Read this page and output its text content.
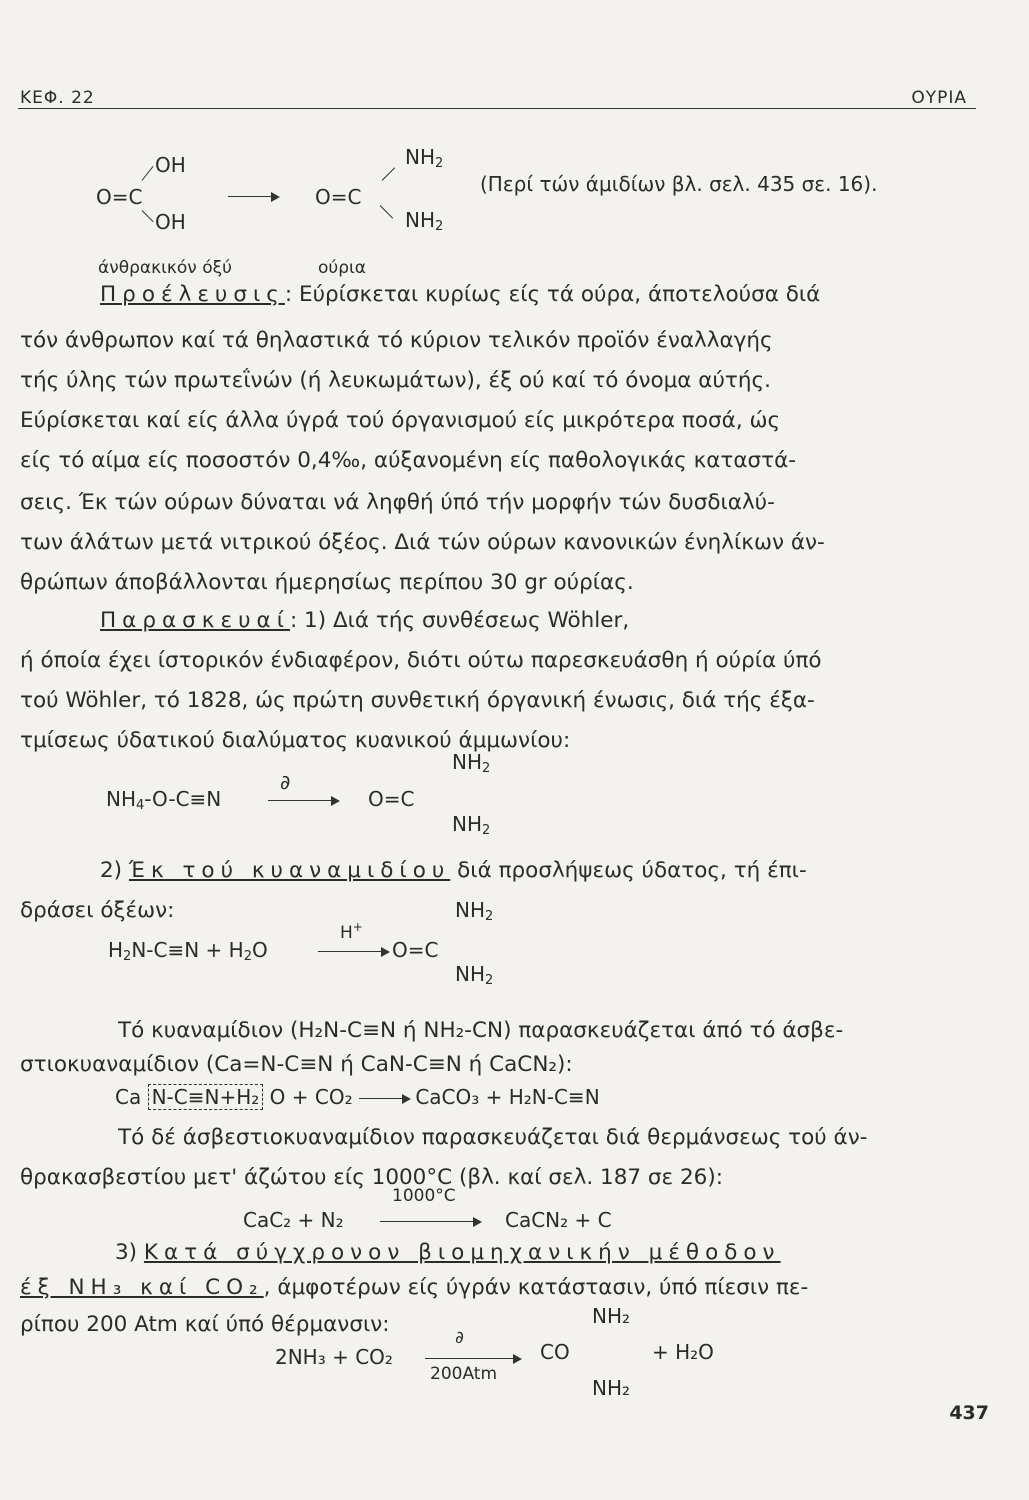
ΚΕΦ. 22	ΟΥΡΙΑ
OH
O=C
OH
$NH_2$
O=C
$NH_2$
(Περί τών άμιδίων βλ. σελ. 435 σε. 16).
άνθρακικόν όξύ	ούρια
Προέλευσις: Εύρίσκεται κυρίως είς τά ούρα, άποτελούσα διά
τόν άνθρωπον καί τά θηλαστικά τό κύριον τελικόν προϊόν έναλλαγής
τής ύλης τών πρωτεΐνών (ή λευκωμάτων), έξ ού καί τό όνομα αύτής.
Εύρίσκεται καί είς άλλα ύγρά τού όργανισμού είς μικρότερα ποσά, ώς
είς τό αίμα είς ποσοστόν 0,4‰, αύξανομένη είς παθολογικάς καταστά-
σεις. Έκ τών ούρων δύναται νά ληφθή ύπό τήν μορφήν τών δυσδιαλύ-
των άλάτων μετά νιτρικού όξέος. Διά τών ούρων κανονικών ένηλίκων άν-
θρώπων άποβάλλονται ήμερησίως περίπου 30 gr ούρίας.
Παρασκευαί: 1) Διά τής συνθέσεως Wöhler,
ή όποία έχει ίστορικόν ένδιαφέρον, διότι ούτω παρεσκευάσθη ή ούρία ύπό
τού Wöhler, τό 1828, ώς πρώτη συνθετική όργανική ένωσις, διά τής έξα-
τμίσεως ύδατικού διαλύματος κυανικού άμμωνίου:
$NH_4-O-C\equiv N$
∂
O=C
$NH_2$
$NH_2$
2) Έκ τού κυαναμιδίου διά προσλήψεως ύδατος, τή έπι-
δράσει όξέων:
$H_2N-C\equiv N + H_2O$
H+
O=C
$NH_2$
$NH_2$
Τό κυαναμίδιον (H₂N-C≡N ή NH₂-CN) παρασκευάζεται άπό τό άσβε-
στιοκυαναμίδιον (Ca=N-C≡N ή CaN-C≡N ή CaCN₂):
Ca N-C≡N+H₂ O + CO₂	CaCO₃ + H₂N-C≡N
Τό δέ άσβεστιοκυαναμίδιον παρασκευάζεται διά θερμάνσεως τού άν-
θρακασβεστίου μετ' άζώτου είς 1000°C (βλ. καί σελ. 187 σε 26):
CaC₂ + N₂
1000°C
CaCN₂ + C
3) Κατά σύγχρονον βιομηχανικήν μέθοδον
έξ NH₃ καί CO₂, άμφοτέρων είς ύγράν κατάστασιν, ύπό πίεσιν πε-
ρίπου 200 Atm καί ύπό θέρμανσιν:
2NH₃ + CO₂
∂
200Atm
CO
NH₂
NH₂
+ H₂O
437
